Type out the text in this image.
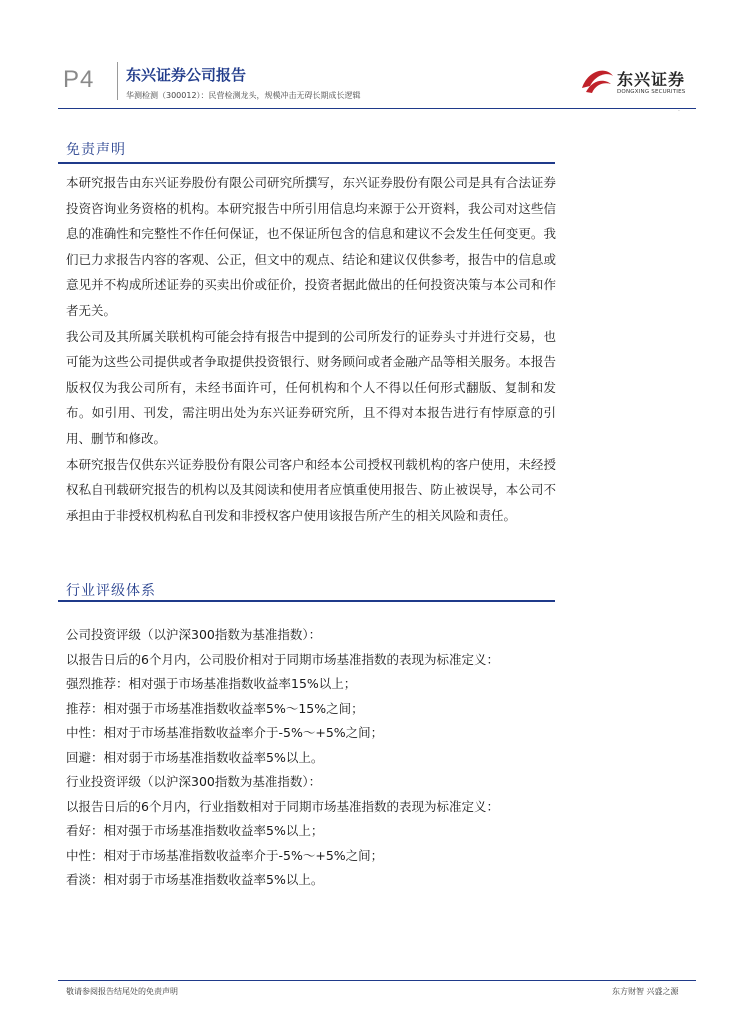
P4 东兴证券公司报告
华测检测（300012）：民营检测龙头，规模冲击无碍长期成长逻辑
东兴证券
DONGXING SECURITIES
·
免责声明

本研究报告由东兴证券股份有限公司研究所撰写，东兴证券股份有限公司是具有合法证券投资咨询业务资格的机构。本研究报告中所引用信息均来源于公开资料，我公司对这些信息的准确性和完整性不作任何保证，也不保证所包含的信息和建议不会发生任何变更。我们已力求报告内容的客观、公正，但文中的观点、结论和建议仅供参考，报告中的信息或意见并不构成所述证券的买卖出价或征价，投资者据此做出的任何投资决策与本公司和作者无关。

我公司及其所属关联机构可能会持有报告中提到的公司所发行的证券头寸并进行交易，也可能为这些公司提供或者争取提供投资银行、财务顾问或者金融产品等相关服务。本报告版权仅为我公司所有，未经书面许可，任何机构和个人不得以任何形式翻版、复制和发布。如引用、刊发，需注明出处为东兴证券研究所，且不得对本报告进行有悖原意的引用、删节和修改。

本研究报告仅供东兴证券股份有限公司客户和经本公司授权刊载机构的客户使用，未经授权私自刊载研究报告的机构以及其阅读和使用者应慎重使用报告、防止被误导，本公司不承担由于非授权机构私自刊发和非授权客户使用该报告所产生的相关风险和责任。

行业评级体系
公司投资评级（以沪深300指数为基准指数）：
以报告日后的6个月内，公司股价相对于同期市场基准指数的表现为标准定义：
强烈推荐：相对强于市场基准指数收益率15%以上；
推荐：相对强于市场基准指数收益率5%～15%之间；
中性：相对于市场基准指数收益率介于-5%～+5%之间；
回避：相对弱于市场基准指数收益率5%以上。
行业投资评级（以沪深300指数为基准指数）：
以报告日后的6个月内，行业指数相对于同期市场基准指数的表现为标准定义：
看好：相对强于市场基准指数收益率5%以上；
中性：相对于市场基准指数收益率介于-5%～+5%之间；
看淡：相对弱于市场基准指数收益率5%以上。
敬请参阅报告结尾处的免责声明	东方财智 兴盛之源
